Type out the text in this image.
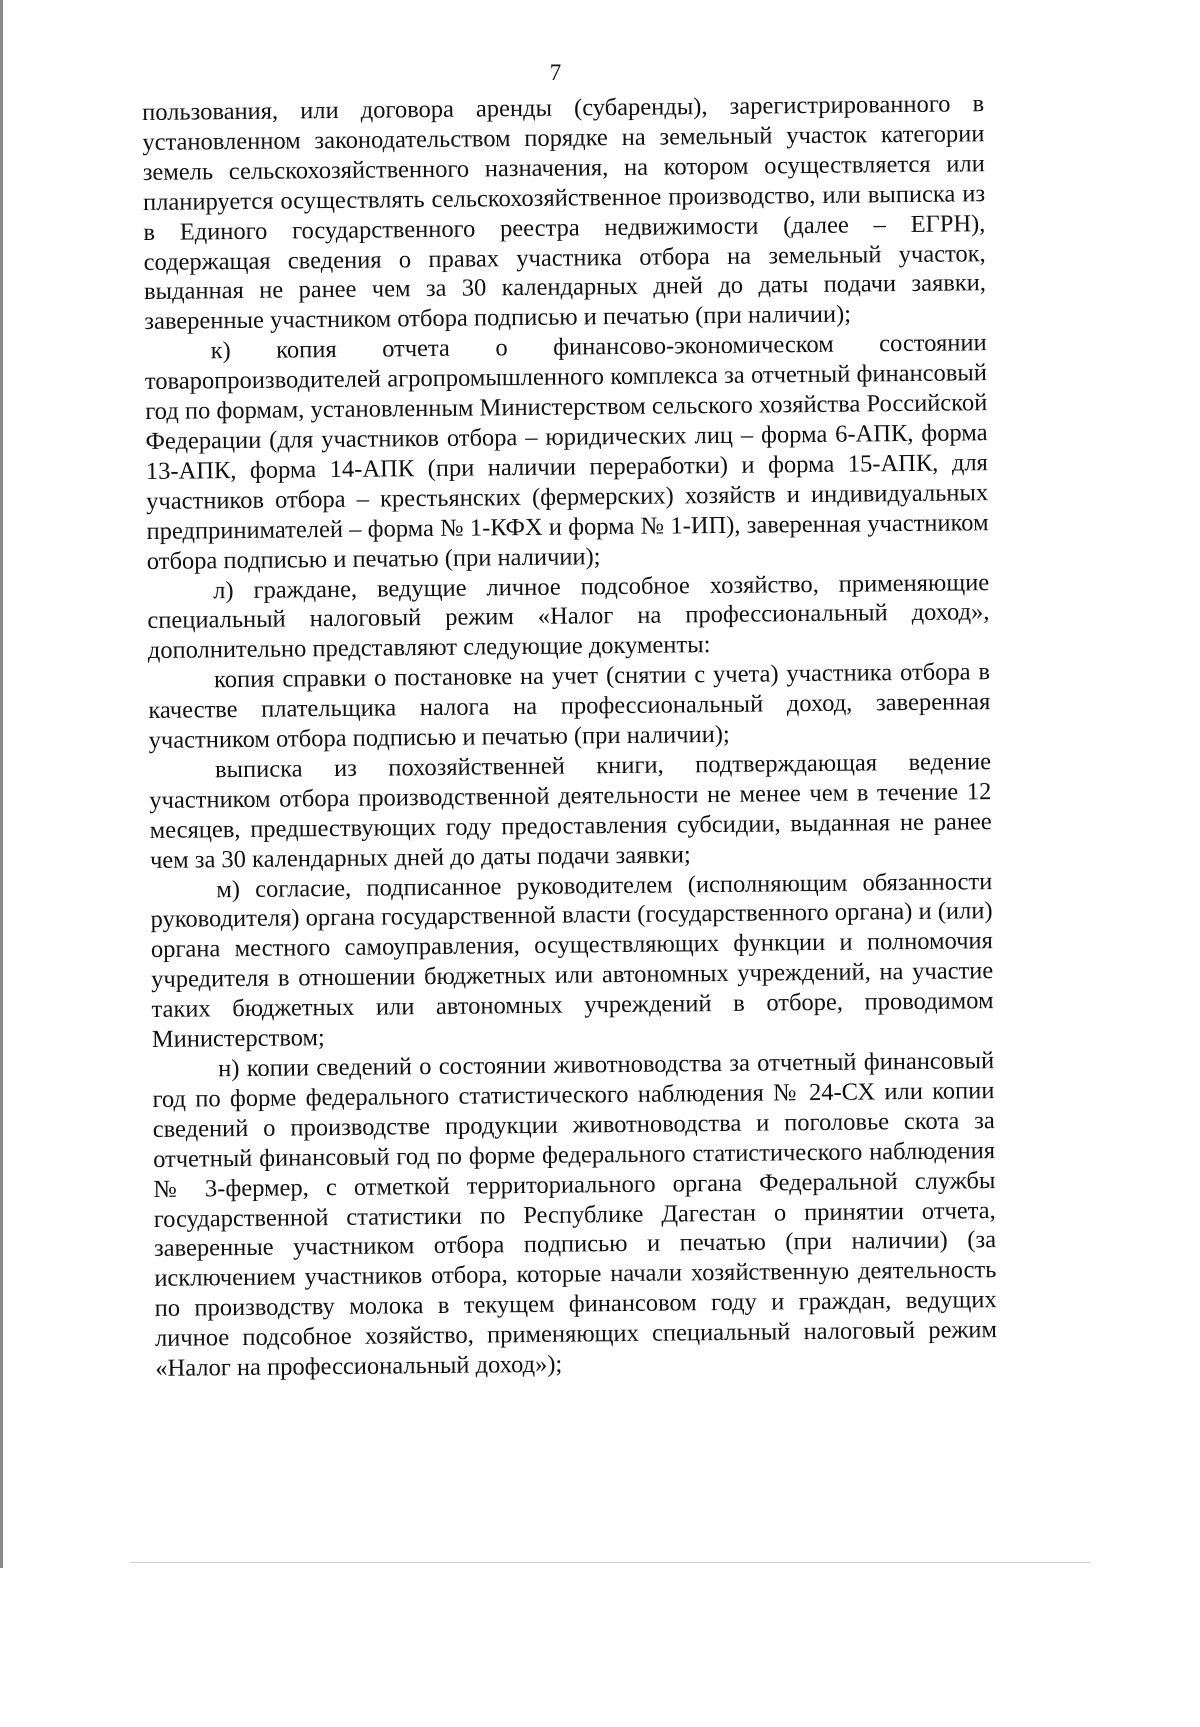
7

пользования, или договора аренды (субаренды), зарегистрированного в установленном законодательством порядке на земельный участок категории земель сельскохозяйственного назначения, на котором осуществляется или планируется осуществлять сельскохозяйственное производство, или выписка из в Единого государственного реестра недвижимости (далее – ЕГРН), содержащая сведения о правах участника отбора на земельный участок, выданная не ранее чем за 30 календарных дней до даты подачи заявки, заверенные участником отбора подписью и печатью (при наличии);

к) копия отчета о финансово-экономическом состоянии товаропроизводителей агропромышленного комплекса за отчетный финансовый год по формам, установленным Министерством сельского хозяйства Российской Федерации (для участников отбора – юридических лиц – форма 6-АПК, форма 13-АПК, форма 14-АПК (при наличии переработки) и форма 15-АПК, для участников отбора – крестьянских (фермерских) хозяйств и индивидуальных предпринимателей – форма № 1-КФХ и форма № 1-ИП), заверенная участником отбора подписью и печатью (при наличии);

л) граждане, ведущие личное подсобное хозяйство, применяющие специальный налоговый режим «Налог на профессиональный доход», дополнительно представляют следующие документы:

копия справки о постановке на учет (снятии с учета) участника отбора в качестве плательщика налога на профессиональный доход, заверенная участником отбора подписью и печатью (при наличии);

выписка из похозяйственней книги, подтверждающая ведение участником отбора производственной деятельности не менее чем в течение 12 месяцев, предшествующих году предоставления субсидии, выданная не ранее чем за 30 календарных дней до даты подачи заявки;

м) согласие, подписанное руководителем (исполняющим обязанности руководителя) органа государственной власти (государственного органа) и (или) органа местного самоуправления, осуществляющих функции и полномочия учредителя в отношении бюджетных или автономных учреждений, на участие таких бюджетных или автономных учреждений в отборе, проводимом Министерством;

н) копии сведений о состоянии животноводства за отчетный финансовый год по форме федерального статистического наблюдения № 24-СХ или копии сведений о производстве продукции животноводства и поголовье скота за отчетный финансовый год по форме федерального статистического наблюдения № 3-фермер, с отметкой территориального органа Федеральной службы государственной статистики по Республике Дагестан о принятии отчета, заверенные участником отбора подписью и печатью (при наличии) (за исключением участников отбора, которые начали хозяйственную деятельность по производству молока в текущем финансовом году и граждан, ведущих личное подсобное хозяйство, применяющих специальный налоговый режим «Налог на профессиональный доход»);
